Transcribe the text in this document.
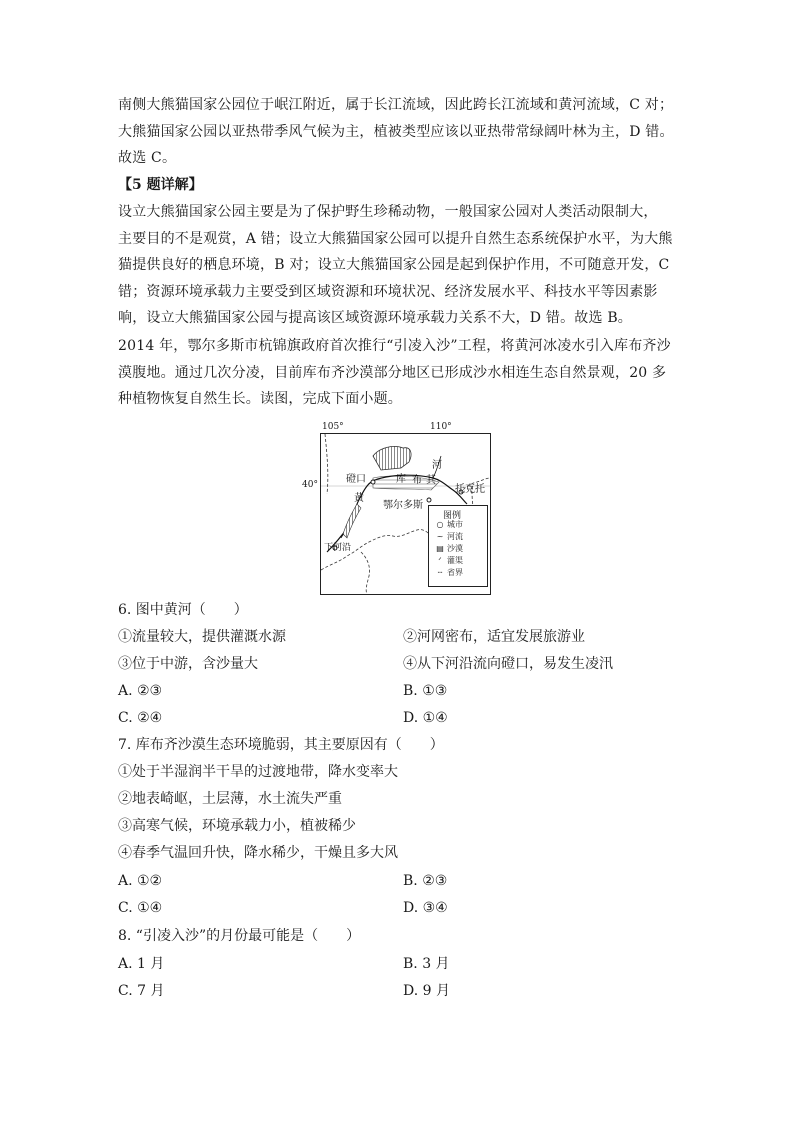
南侧大熊猫国家公园位于岷江附近，属于长江流域，因此跨长江流域和黄河流域，C 对；大熊猫国家公园以亚热带季风气候为主，植被类型应该以亚热带常绿阔叶林为主，D 错。故选 C。

【5 题详解】

设立大熊猫国家公园主要是为了保护野生珍稀动物，一般国家公园对人类活动限制大， 主要目的不是观赏，A 错；设立大熊猫国家公园可以提升自然生态系统保护水平，为大熊猫提供良好的栖息环境，B 对；设立大熊猫国家公园是起到保护作用，不可随意开发，C 错；资源环境承载力主要受到区域资源和环境状况、经济发展水平、科技水平等因素影响，设立大熊猫国家公园与提高该区域资源环境承载力关系不大，D 错。故选 B。

2014 年，鄂尔多斯市杭锦旗政府首次推行“引凌入沙”工程，将黄河冰凌水引入库布齐沙漠腹地。通过几次分凌，目前库布齐沙漠部分地区已形成沙水相连生态自然景观，20 多种植物恢复自然生长。读图，完成下面小题。

105°	110°
40°	磴口	库 布
河
其
托克托
黄
鄂尔多斯
下河沿
图例
○ 城市
~ 河流
▤ 沙漠
ᐟ 灌渠
┄ 省界
6. 图中黄河（　　）
①流量较大，提供灌溉水源	②河网密布，适宜发展旅游业
③位于中游，含沙量大	④从下河沿流向磴口，易发生凌汛
A. ②③	B. ①③
C. ②④	D. ①④
7. 库布齐沙漠生态环境脆弱，其主要原因有（　　）
①处于半湿润半干旱的过渡地带，降水变率大
②地表崎岖，土层薄，水土流失严重
③高寒气候，环境承载力小，植被稀少
④春季气温回升快，降水稀少，干燥且多大风
A. ①②	B. ②③
C. ①④	D. ③④
8. “引凌入沙”的月份最可能是（　　）
A. 1 月	B. 3 月
C. 7 月	D. 9 月
